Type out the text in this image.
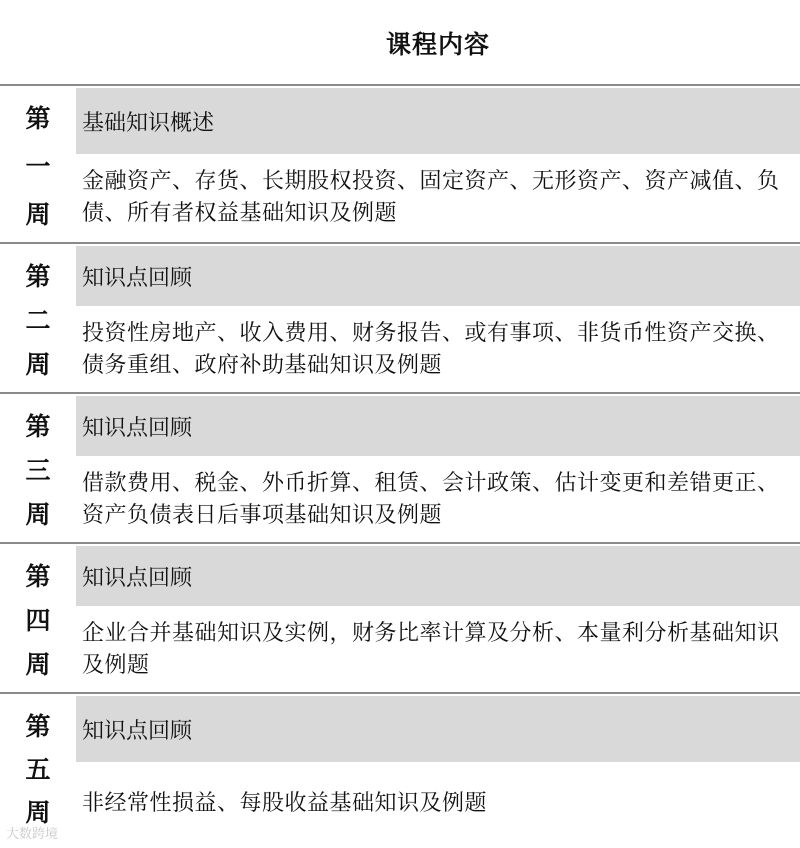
课程内容
第
一
周
基础知识概述
金融资产、存货、长期股权投资、固定资产、无形资产、资产减值、负债、所有者权益基础知识及例题
第
二
周
知识点回顾
投资性房地产、收入费用、财务报告、或有事项、非货币性资产交换、债务重组、政府补助基础知识及例题
第
三
周
知识点回顾
借款费用、税金、外币折算、租赁、会计政策、估计变更和差错更正、资产负债表日后事项基础知识及例题
第
四
周
知识点回顾
企业合并基础知识及实例，财务比率计算及分析、本量利分析基础知识及例题
第
五
周
知识点回顾
非经常性损益、每股收益基础知识及例题
大数跨境
